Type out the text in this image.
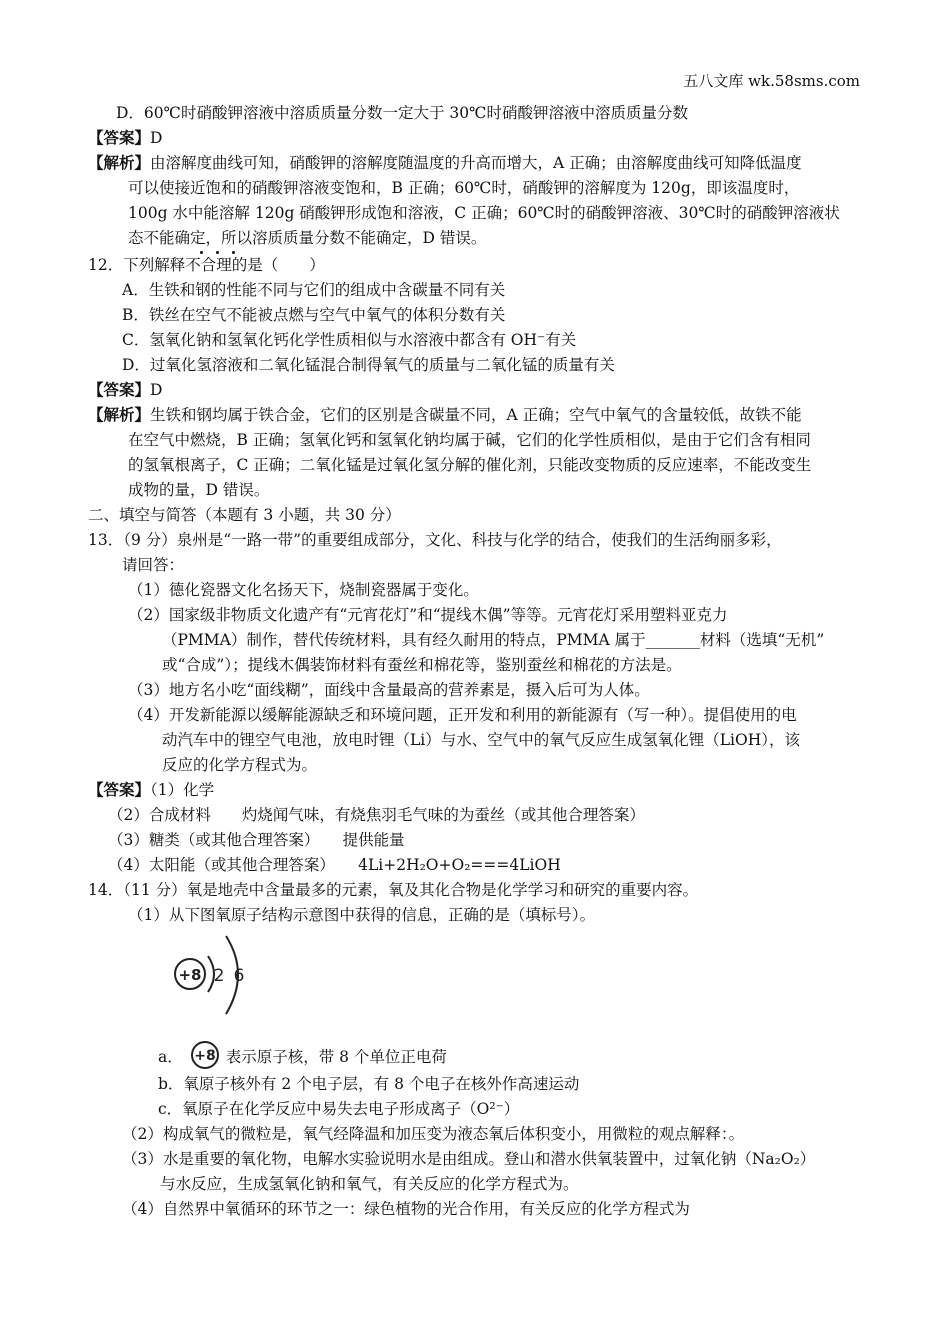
五八文库 wk.58sms.com
D．60℃时硝酸钾溶液中溶质质量分数一定大于 30℃时硝酸钾溶液中溶质质量分数
【答案】D
【解析】由溶解度曲线可知，硝酸钾的溶解度随温度的升高而增大，A 正确；由溶解度曲线可知降低温度
可以使接近饱和的硝酸钾溶液变饱和，B 正确；60℃时，硝酸钾的溶解度为 120g，即该温度时，
100g 水中能溶解 120g 硝酸钾形成饱和溶液，C 正确；60℃时的硝酸钾溶液、30℃时的硝酸钾溶液状
态不能确定，所以溶质质量分数不能确定，D 错误。
12．下列解释不合理的是（　　）
A．生铁和钢的性能不同与它们的组成中含碳量不同有关
B．铁丝在空气不能被点燃与空气中氧气的体积分数有关
C．氢氧化钠和氢氧化钙化学性质相似与水溶液中都含有 OH⁻有关
D．过氧化氢溶液和二氧化锰混合制得氧气的质量与二氧化锰的质量有关
【答案】D
【解析】生铁和钢均属于铁合金，它们的区别是含碳量不同，A 正确；空气中氧气的含量较低，故铁不能
在空气中燃烧，B 正确；氢氧化钙和氢氧化钠均属于碱，它们的化学性质相似，是由于它们含有相同
的氢氧根离子，C 正确；二氧化锰是过氧化氢分解的催化剂，只能改变物质的反应速率，不能改变生
成物的量，D 错误。
二、填空与简答（本题有 3 小题，共 30 分）
13．（9 分）泉州是“一路一带”的重要组成部分，文化、科技与化学的结合，使我们的生活绚丽多彩，
请回答：
（1）德化瓷器文化名扬天下，烧制瓷器属于变化。
（2）国家级非物质文化遗产有“元宵花灯”和“提线木偶”等等。元宵花灯采用塑料亚克力
（PMMA）制作，替代传统材料，具有经久耐用的特点，PMMA 属于_______材料（选填“无机”
或“合成”）；提线木偶装饰材料有蚕丝和棉花等，鉴别蚕丝和棉花的方法是。
（3）地方名小吃“面线糊”，面线中含量最高的营养素是，摄入后可为人体。
（4）开发新能源以缓解能源缺乏和环境问题，正开发和利用的新能源有（写一种）。提倡使用的电
动汽车中的锂空气电池，放电时锂（Li）与水、空气中的氧气反应生成氢氧化锂（LiOH），该
反应的化学方程式为。
【答案】（1）化学
（2）合成材料　　灼烧闻气味，有烧焦羽毛气味的为蚕丝（或其他合理答案）
（3）糖类（或其他合理答案）　　提供能量
（4）太阳能（或其他合理答案）　　4Li+2H₂O+O₂===4LiOH
14．（11 分）氧是地壳中含量最多的元素，氧及其化合物是化学学习和研究的重要内容。
（1）从下图氧原子结构示意图中获得的信息，正确的是（填标号）。
+8 2 6
a． +8 表示原子核，带 8 个单位正电荷
b．氧原子核外有 2 个电子层，有 8 个电子在核外作高速运动
c．氧原子在化学反应中易失去电子形成离子（O²⁻）
（2）构成氧气的微粒是，氧气经降温和加压变为液态氧后体积变小，用微粒的观点解释：。
（3）水是重要的氧化物，电解水实验说明水是由组成。登山和潜水供氧装置中，过氧化钠（Na₂O₂）
与水反应，生成氢氧化钠和氧气，有关反应的化学方程式为。
（4）自然界中氧循环的环节之一：绿色植物的光合作用，有关反应的化学方程式为
